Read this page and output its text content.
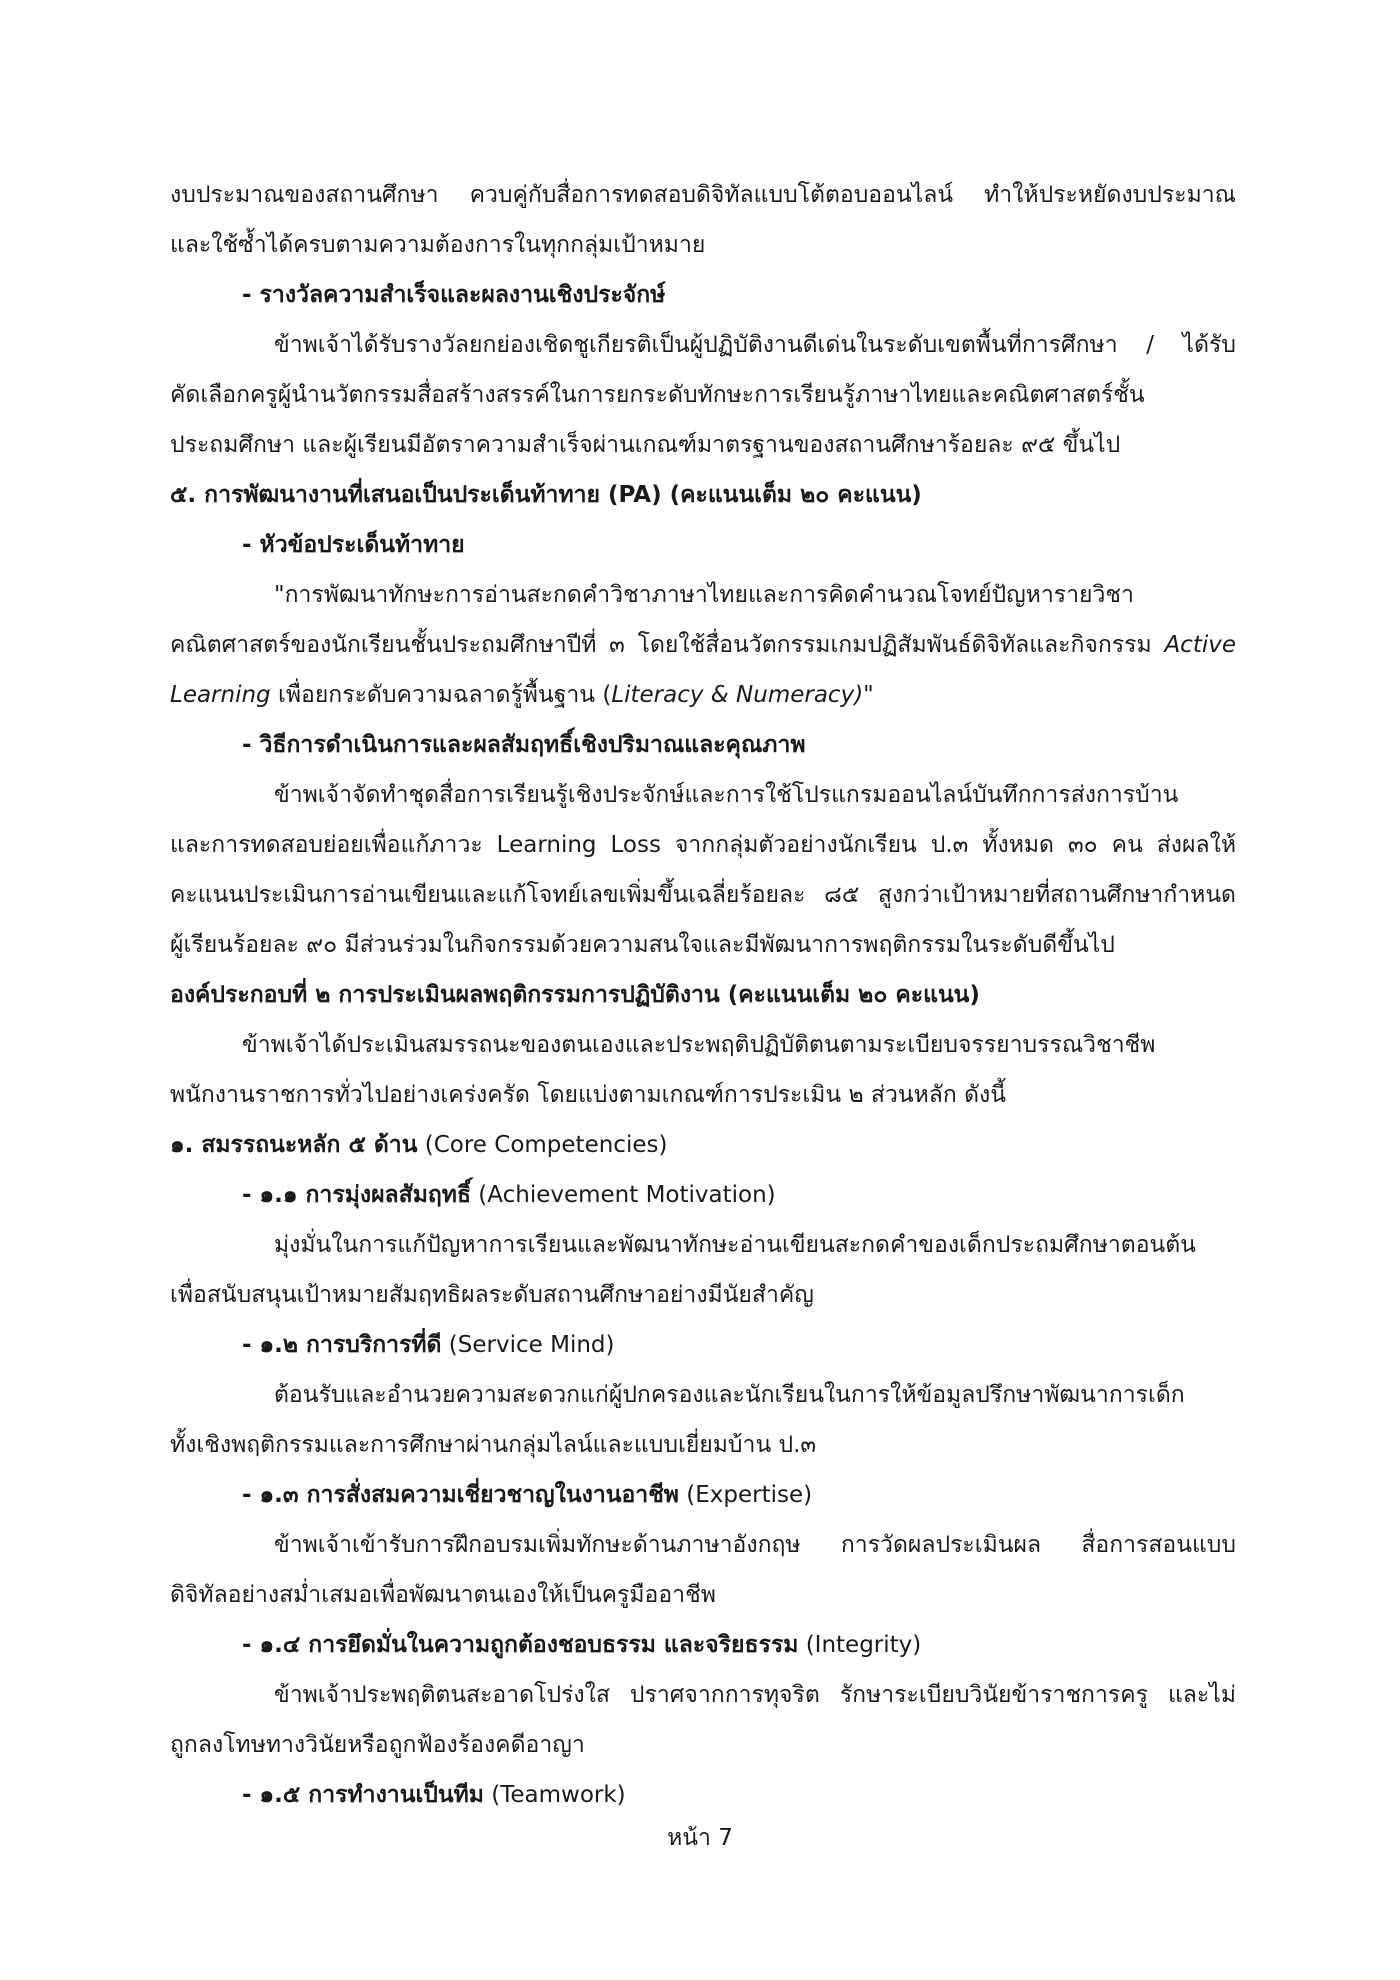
งบประมาณของสถานศึกษา ควบคู่กับสื่อการทดสอบดิจิทัลแบบโต้ตอบออนไลน์ ทำให้ประหยัดงบประมาณ
และใช้ซ้ำได้ครบตามความต้องการในทุกกลุ่มเป้าหมาย
- รางวัลความสำเร็จและผลงานเชิงประจักษ์
ข้าพเจ้าได้รับรางวัลยกย่องเชิดชูเกียรติเป็นผู้ปฏิบัติงานดีเด่นในระดับเขตพื้นที่การศึกษา / ได้รับ
คัดเลือกครูผู้นำนวัตกรรมสื่อสร้างสรรค์ในการยกระดับทักษะการเรียนรู้ภาษาไทยและคณิตศาสตร์ชั้น
ประถมศึกษา และผู้เรียนมีอัตราความสำเร็จผ่านเกณฑ์มาตรฐานของสถานศึกษาร้อยละ ๙๕ ขึ้นไป
๕. การพัฒนางานที่เสนอเป็นประเด็นท้าทาย (PA) (คะแนนเต็ม ๒๐ คะแนน)
- หัวข้อประเด็นท้าทาย
"การพัฒนาทักษะการอ่านสะกดคำวิชาภาษาไทยและการคิดคำนวณโจทย์ปัญหารายวิชา
คณิตศาสตร์ของนักเรียนชั้นประถมศึกษาปีที่ ๓ โดยใช้สื่อนวัตกรรมเกมปฏิสัมพันธ์ดิจิทัลและกิจกรรม Active
Learning เพื่อยกระดับความฉลาดรู้พื้นฐาน (Literacy & Numeracy)"
- วิธีการดำเนินการและผลสัมฤทธิ์เชิงปริมาณและคุณภาพ
ข้าพเจ้าจัดทำชุดสื่อการเรียนรู้เชิงประจักษ์และการใช้โปรแกรมออนไลน์บันทึกการส่งการบ้าน
และการทดสอบย่อยเพื่อแก้ภาวะ Learning Loss จากกลุ่มตัวอย่างนักเรียน ป.๓ ทั้งหมด ๓๐ คน ส่งผลให้
คะแนนประเมินการอ่านเขียนและแก้โจทย์เลขเพิ่มขึ้นเฉลี่ยร้อยละ ๘๕ สูงกว่าเป้าหมายที่สถานศึกษากำหนด
ผู้เรียนร้อยละ ๙๐ มีส่วนร่วมในกิจกรรมด้วยความสนใจและมีพัฒนาการพฤติกรรมในระดับดีขึ้นไป
องค์ประกอบที่ ๒ การประเมินผลพฤติกรรมการปฏิบัติงาน (คะแนนเต็ม ๒๐ คะแนน)
ข้าพเจ้าได้ประเมินสมรรถนะของตนเองและประพฤติปฏิบัติตนตามระเบียบจรรยาบรรณวิชาชีพ
พนักงานราชการทั่วไปอย่างเคร่งครัด โดยแบ่งตามเกณฑ์การประเมิน ๒ ส่วนหลัก ดังนี้
๑. สมรรถนะหลัก ๕ ด้าน (Core Competencies)
- ๑.๑ การมุ่งผลสัมฤทธิ์ (Achievement Motivation)
มุ่งมั่นในการแก้ปัญหาการเรียนและพัฒนาทักษะอ่านเขียนสะกดคำของเด็กประถมศึกษาตอนต้น
เพื่อสนับสนุนเป้าหมายสัมฤทธิผลระดับสถานศึกษาอย่างมีนัยสำคัญ
- ๑.๒ การบริการที่ดี (Service Mind)
ต้อนรับและอำนวยความสะดวกแก่ผู้ปกครองและนักเรียนในการให้ข้อมูลปรึกษาพัฒนาการเด็ก
ทั้งเชิงพฤติกรรมและการศึกษาผ่านกลุ่มไลน์และแบบเยี่ยมบ้าน ป.๓
- ๑.๓ การสั่งสมความเชี่ยวชาญในงานอาชีพ (Expertise)
ข้าพเจ้าเข้ารับการฝึกอบรมเพิ่มทักษะด้านภาษาอังกฤษ การวัดผลประเมินผล สื่อการสอนแบบ
ดิจิทัลอย่างสม่ำเสมอเพื่อพัฒนาตนเองให้เป็นครูมืออาชีพ
- ๑.๔ การยึดมั่นในความถูกต้องชอบธรรม และจริยธรรม (Integrity)
ข้าพเจ้าประพฤติตนสะอาดโปร่งใส ปราศจากการทุจริต รักษาระเบียบวินัยข้าราชการครู และไม่
ถูกลงโทษทางวินัยหรือถูกฟ้องร้องคดีอาญา
- ๑.๕ การทำงานเป็นทีม (Teamwork)
หน้า 7
